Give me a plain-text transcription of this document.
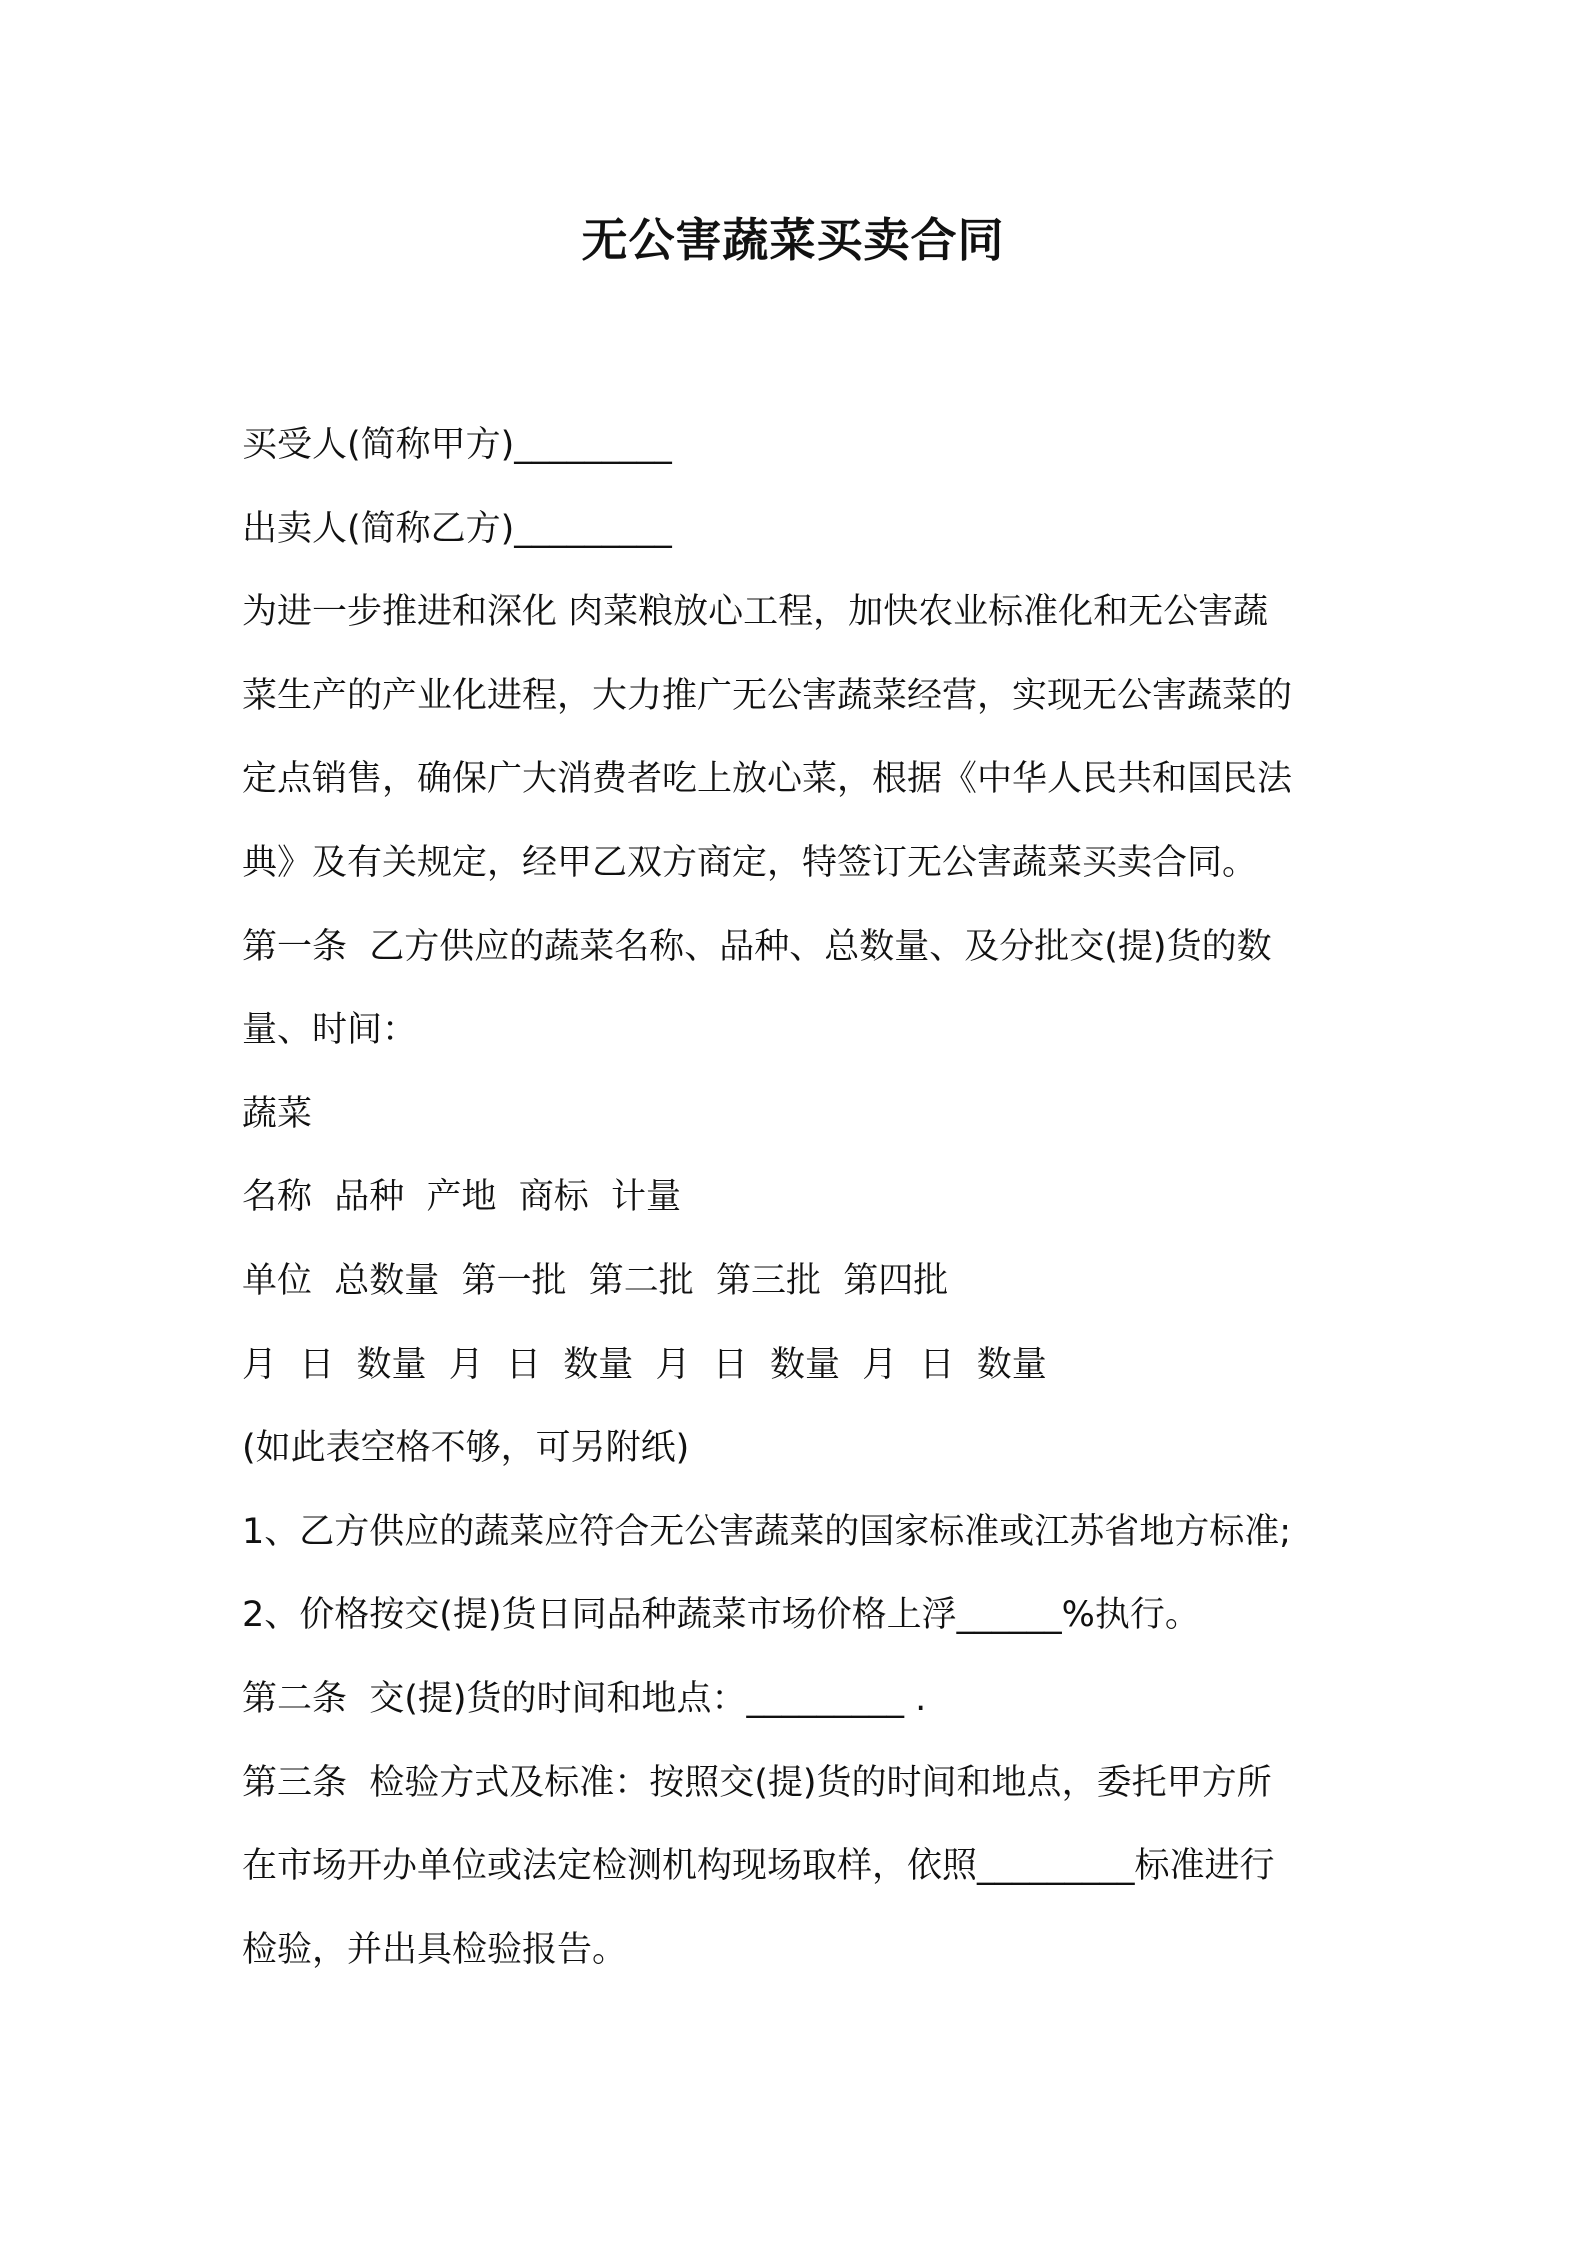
无公害蔬菜买卖合同

买受人(简称甲方)_________

出卖人(简称乙方)_________

为进一步推进和深化 肉菜粮放心工程，加快农业标准化和无公害蔬

菜生产的产业化进程，大力推广无公害蔬菜经营，实现无公害蔬菜的

定点销售，确保广大消费者吃上放心菜，根据《中华人民共和国民法

典》及有关规定，经甲乙双方商定，特签订无公害蔬菜买卖合同。

第一条  乙方供应的蔬菜名称、品种、总数量、及分批交(提)货的数

量、时间：

蔬菜

名称  品种  产地  商标  计量

单位  总数量  第一批  第二批  第三批  第四批

月  日  数量  月  日  数量  月  日  数量  月  日  数量

(如此表空格不够，可另附纸)

1、乙方供应的蔬菜应符合无公害蔬菜的国家标准或江苏省地方标准;

2、价格按交(提)货日同品种蔬菜市场价格上浮______%执行。

第二条  交(提)货的时间和地点：_________ .

第三条  检验方式及标准：按照交(提)货的时间和地点，委托甲方所

在市场开办单位或法定检测机构现场取样，依照_________标准进行

检验，并出具检验报告。
